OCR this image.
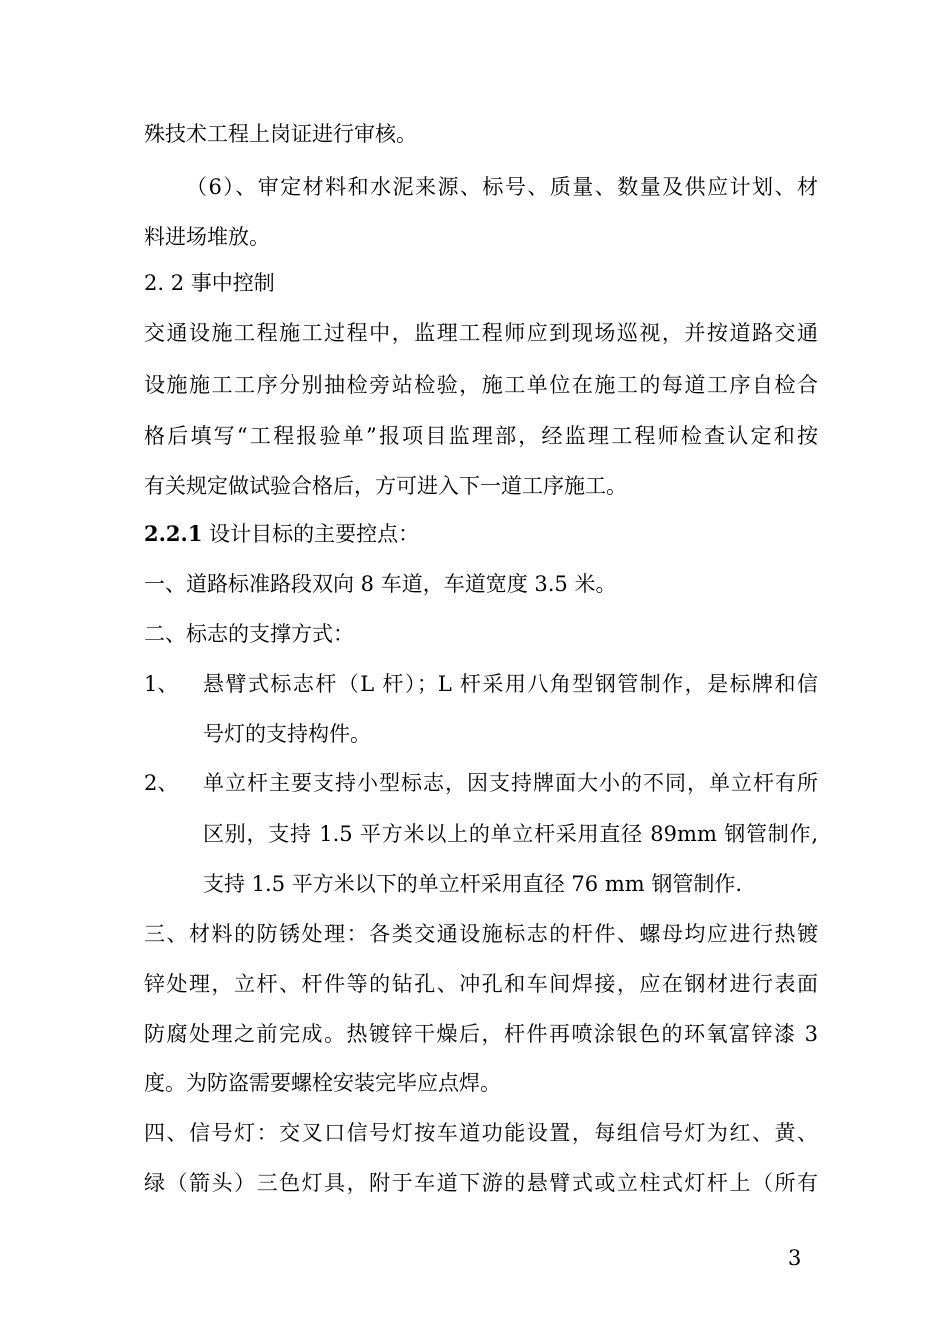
殊技术工程上岗证进行审核。
（6）、审定材料和水泥来源、标号、质量、数量及供应计划、材
料进场堆放。
2. 2 事中控制
交通设施工程施工过程中，监理工程师应到现场巡视，并按道路交通
设施施工工序分别抽检旁站检验，施工单位在施工的每道工序自检合
格后填写“工程报验单”报项目监理部，经监理工程师检查认定和按
有关规定做试验合格后，方可进入下一道工序施工。
2.2.1 设计目标的主要控点：
一、道路标准路段双向 8 车道，车道宽度 3.5 米。
二、标志的支撑方式：
1、 悬臂式标志杆（L 杆）；L 杆采用八角型钢管制作，是标牌和信
号灯的支持构件。
2、 单立杆主要支持小型标志，因支持牌面大小的不同，单立杆有所
区别，支持 1.5 平方米以上的单立杆采用直径 89mm 钢管制作,
支持 1.5 平方米以下的单立杆采用直径 76 mm 钢管制作.
三、材料的防锈处理：各类交通设施标志的杆件、螺母均应进行热镀
锌处理，立杆、杆件等的钻孔、冲孔和车间焊接，应在钢材进行表面
防腐处理之前完成。热镀锌干燥后，杆件再喷涂银色的环氧富锌漆 3
度。为防盗需要螺栓安装完毕应点焊。
四、信号灯：交叉口信号灯按车道功能设置，每组信号灯为红、黄、
绿（箭头）三色灯具，附于车道下游的悬臂式或立柱式灯杆上（所有
3
